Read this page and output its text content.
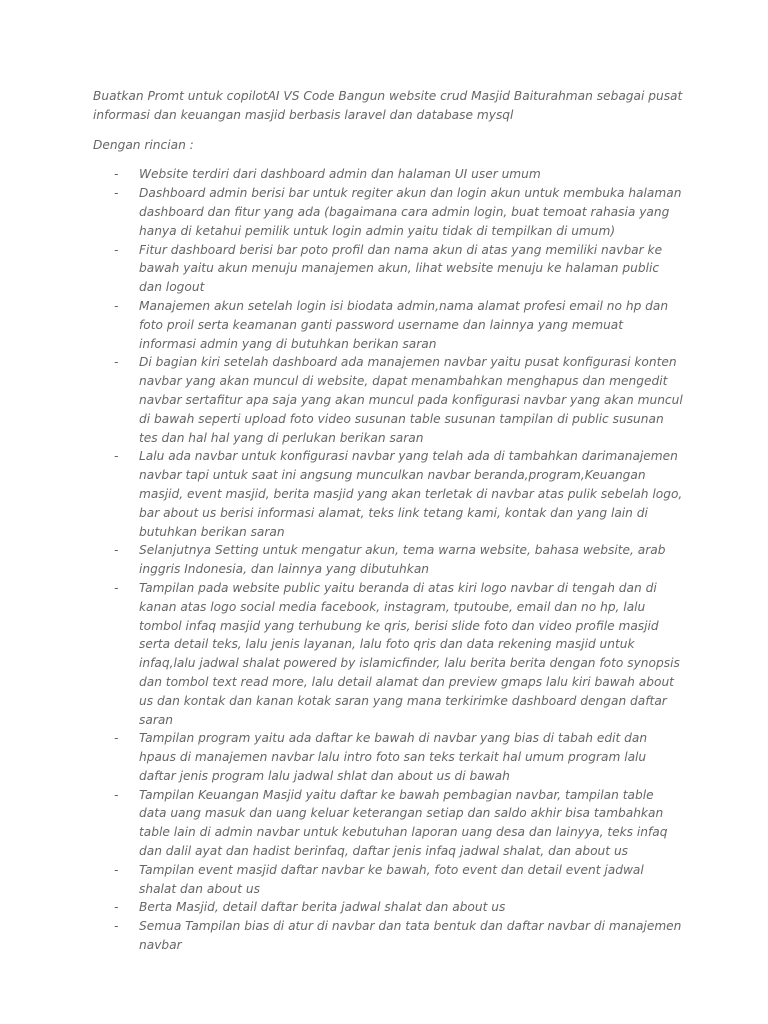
Buatkan Promt untuk copilotAI VS Code Bangun website crud Masjid Baiturahman sebagai pusat informasi dan keuangan masjid berbasis laravel dan database mysql

Dengan rincian :

- Website terdiri dari dashboard admin dan halaman UI user umum
- Dashboard admin berisi bar untuk regiter akun dan login akun untuk membuka halaman dashboard dan fitur yang ada (bagaimana cara admin login, buat temoat rahasia yang hanya di ketahui pemilik untuk login admin yaitu tidak di tempilkan di umum)
- Fitur dashboard berisi bar poto profil dan nama akun di atas yang memiliki navbar ke bawah yaitu akun menuju manajemen akun, lihat website menuju ke halaman public dan logout
- Manajemen akun setelah login isi biodata admin,nama alamat profesi email no hp dan foto proil serta keamanan ganti password username dan lainnya yang memuat informasi admin yang di butuhkan berikan saran
- Di bagian kiri setelah dashboard ada manajemen navbar yaitu pusat konfigurasi konten navbar yang akan muncul di website, dapat menambahkan menghapus dan mengedit navbar sertafitur apa saja yang akan muncul pada konfigurasi navbar yang akan muncul di bawah seperti upload foto video susunan table susunan tampilan di public susunan tes dan hal hal yang di perlukan berikan saran
- Lalu ada navbar untuk konfigurasi navbar yang telah ada di tambahkan darimanajemen navbar tapi untuk saat ini angsung munculkan navbar beranda,program,Keuangan masjid, event masjid, berita masjid yang akan terletak di navbar atas pulik sebelah logo, bar about us berisi informasi alamat, teks link tetang kami, kontak dan yang lain di butuhkan berikan saran
- Selanjutnya Setting untuk mengatur akun, tema warna website, bahasa website, arab inggris Indonesia, dan lainnya yang dibutuhkan
- Tampilan pada website public yaitu beranda di atas kiri logo navbar di tengah dan di kanan atas logo social media facebook, instagram, tputoube, email dan no hp, lalu tombol infaq masjid yang terhubung ke qris, berisi slide foto dan video profile masjid serta detail teks, lalu jenis layanan, lalu foto qris dan data rekening masjid untuk infaq,lalu jadwal shalat powered by islamicfinder, lalu berita berita dengan foto synopsis dan tombol text read more, lalu detail alamat dan preview gmaps lalu kiri bawah about us dan kontak dan kanan kotak saran yang mana terkirimke dashboard dengan daftar saran
- Tampilan program yaitu ada daftar ke bawah di navbar yang bias di tabah edit dan hpaus di manajemen navbar lalu intro foto san teks terkait hal umum program lalu daftar jenis program lalu jadwal shlat dan about us di bawah
- Tampilan Keuangan Masjid yaitu daftar ke bawah pembagian navbar, tampilan table data uang masuk dan uang keluar keterangan setiap dan saldo akhir bisa tambahkan table lain di admin navbar untuk kebutuhan laporan uang desa dan lainyya, teks infaq dan dalil ayat dan hadist berinfaq, daftar jenis infaq jadwal shalat, dan about us
- Tampilan event masjid daftar navbar ke bawah, foto event dan detail event jadwal shalat dan about us
- Berta Masjid, detail daftar berita jadwal shalat dan about us
- Semua Tampilan bias di atur di navbar dan tata bentuk dan daftar navbar di manajemen navbar
